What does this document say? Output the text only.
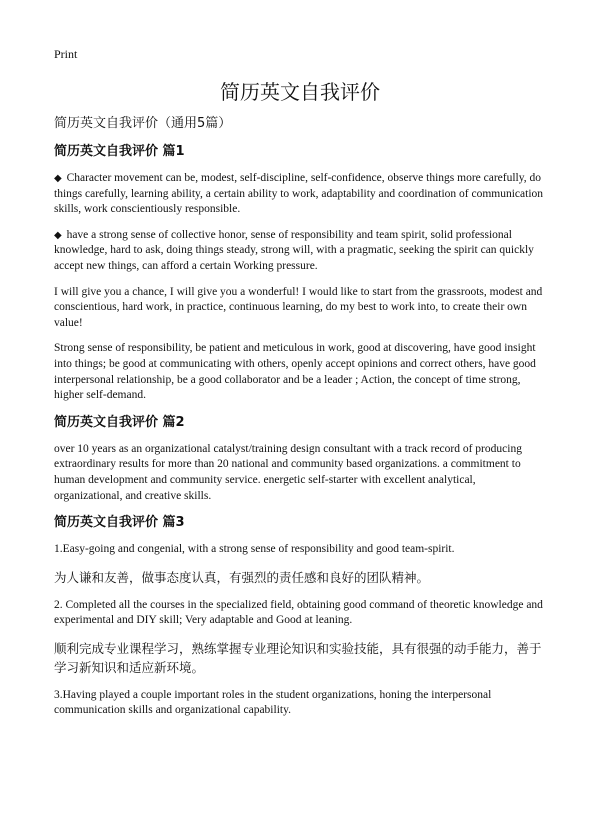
Print
简历英文自我评价
简历英文自我评价（通用5篇）
简历英文自我评价 篇1

◆ Character movement can be, modest, self-discipline, self-confidence, observe things more carefully, do things carefully, learning ability, a certain ability to work, adaptability and coordination of communication skills, work conscientiously responsible.

◆ have a strong sense of collective honor, sense of responsibility and team spirit, solid professional knowledge, hard to ask, doing things steady, strong will, with a pragmatic, seeking the spirit can quickly accept new things, can afford a certain Working pressure.

I will give you a chance, I will give you a wonderful! I would like to start from the grassroots, modest and conscientious, hard work, in practice, continuous learning, do my best to work into, to create their own value!

Strong sense of responsibility, be patient and meticulous in work, good at discovering, have good insight into things; be good at communicating with others, openly accept opinions and correct others, have good interpersonal relationship, be a good collaborator and be a leader ; Action, the concept of time strong, higher self-demand.

简历英文自我评价 篇2

over 10 years as an organizational catalyst/training design consultant with a track record of producing extraordinary results for more than 20 national and community based organizations. a commitment to human development and community service. energetic self-starter with excellent analytical, organizational, and creative skills.

简历英文自我评价 篇3

1.Easy-going and congenial, with a strong sense of responsibility and good team-spirit.

为人谦和友善，做事态度认真，有强烈的责任感和良好的团队精神。

2. Completed all the courses in the specialized field, obtaining good command of theoretic knowledge and experimental and DIY skill; Very adaptable and Good at leaning.

顺利完成专业课程学习，熟练掌握专业理论知识和实验技能，具有很强的动手能力，善于学习新知识和适应新环境。

3.Having played a couple important roles in the student organizations, honing the interpersonal communication skills and organizational capability.
